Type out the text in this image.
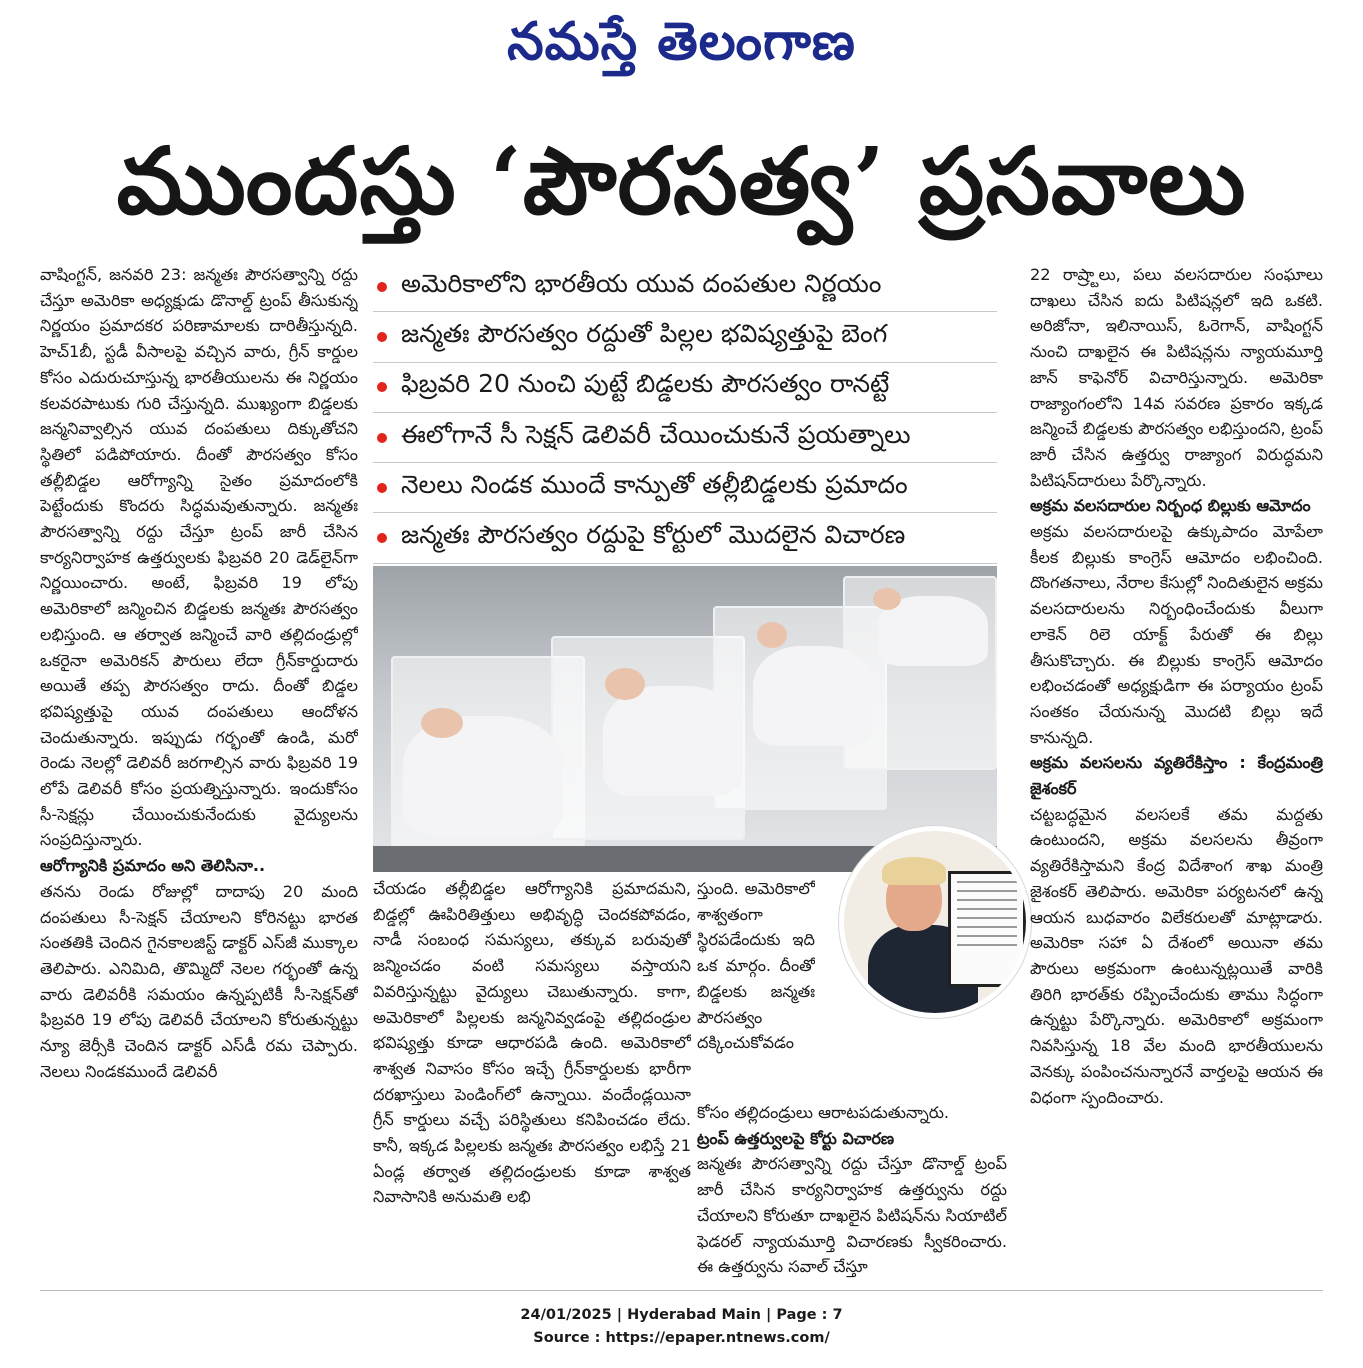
నమస్తే తెలంగాణ
ముందస్తు ‘పౌరసత్వ’ ప్రసవాలు

వాషింగ్టన్, జనవరి 23: జన్మతః పౌరసత్వాన్ని రద్దు చేస్తూ అమెరికా అధ్యక్షుడు డొనాల్డ్ ట్రంప్ తీసుకున్న నిర్ణయం ప్రమాదకర పరిణామాలకు దారితీస్తున్నది. హెచ్1బీ, స్టడీ వీసాలపై వచ్చిన వారు, గ్రీన్ కార్డుల కోసం ఎదురుచూస్తున్న భారతీయులను ఈ నిర్ణయం కలవరపాటుకు గురి చేస్తున్నది. ముఖ్యంగా బిడ్డలకు జన్మనివ్వాల్సిన యువ దంపతులు దిక్కుతోచని స్థితిలో పడిపోయారు. దీంతో పౌరసత్వం కోసం తల్లీబిడ్డల ఆరోగ్యాన్ని సైతం ప్రమాదంలోకి పెట్టేందుకు కొందరు సిద్ధమవుతున్నారు. జన్మతః పౌరసత్వాన్ని రద్దు చేస్తూ ట్రంప్ జారీ చేసిన కార్యనిర్వాహక ఉత్తర్వులకు ఫిబ్రవరి 20 డెడ్‌లైన్‌గా నిర్ణయించారు. అంటే, ఫిబ్రవరి 19 లోపు అమెరికాలో జన్మించిన బిడ్డలకు జన్మతః పౌరసత్వం లభిస్తుంది. ఆ తర్వాత జన్మించే వారి తల్లిదండ్రుల్లో ఒకరైనా అమెరికన్ పౌరులు లేదా గ్రీన్‌కార్డుదారు అయితే తప్ప పౌరసత్వం రాదు. దీంతో బిడ్డల భవిష్యత్తుపై యువ దంపతులు ఆందోళన చెందుతున్నారు. ఇప్పుడు గర్భంతో ఉండి, మరో రెండు నెలల్లో డెలివరీ జరగాల్సిన వారు ఫిబ్రవరి 19 లోపే డెలివరీ కోసం ప్రయత్నిస్తున్నారు. ఇందుకోసం సీ-సెక్షన్లు చేయించుకునేందుకు వైద్యులను సంప్రదిస్తున్నారు.

ఆరోగ్యానికి ప్రమాదం అని తెలిసినా..

తనను రెండు రోజుల్లో దాదాపు 20 మంది దంపతులు సీ-సెక్షన్ చేయాలని కోరినట్టు భారత సంతతికి చెందిన గైనకాలజిస్ట్ డాక్టర్ ఎస్‌జీ ముక్కాల తెలిపారు. ఎనిమిది, తొమ్మిదో నెలల గర్భంతో ఉన్న వారు డెలివరీకి సమయం ఉన్నప్పటికీ సీ-సెక్షన్‌తో ఫిబ్రవరి 19 లోపు డెలివరీ చేయాలని కోరుతున్నట్టు న్యూ జెర్సీకి చెందిన డాక్టర్ ఎస్‌డీ రమ చెప్పారు. నెలలు నిండకముందే డెలివరీ

అమెరికాలోని భారతీయ యువ దంపతుల నిర్ణయం
జన్మతః పౌరసత్వం రద్దుతో పిల్లల భవిష్యత్తుపై బెంగ
ఫిబ్రవరి 20 నుంచి పుట్టే బిడ్డలకు పౌరసత్వం రానట్టే
ఈలోగానే సీ సెక్షన్ డెలివరీ చేయించుకునే ప్రయత్నాలు
నెలలు నిండక ముందే కాన్పుతో తల్లీబిడ్డలకు ప్రమాదం
జన్మతః పౌరసత్వం రద్దుపై కోర్టులో మొదలైన విచారణ

చేయడం తల్లీబిడ్డల ఆరోగ్యానికి ప్రమాదమని, బిడ్డల్లో ఊపిరితిత్తులు అభివృద్ధి చెందకపోవడం, నాడీ సంబంధ సమస్యలు, తక్కువ బరువుతో జన్మించడం వంటి సమస్యలు వస్తాయని వివరిస్తున్నట్టు వైద్యులు చెబుతున్నారు. కాగా, అమెరికాలో పిల్లలకు జన్మనివ్వడంపై తల్లిదండ్రుల భవిష్యత్తు కూడా ఆధారపడి ఉంది. అమెరికాలో శాశ్వత నివాసం కోసం ఇచ్చే గ్రీన్‌కార్డులకు భారీగా దరఖాస్తులు పెండింగ్‌లో ఉన్నాయి. వందేండ్లయినా గ్రీన్ కార్డులు వచ్చే పరిస్థితులు కనిపించడం లేదు. కానీ, ఇక్కడ పిల్లలకు జన్మతః పౌరసత్వం లభిస్తే 21 ఏండ్ల తర్వాత తల్లిదండ్రులకు కూడా శాశ్వత నివాసానికి అనుమతి లభి

స్తుంది. అమెరికాలో శాశ్వతంగా స్థిరపడేందుకు ఇది ఒక మార్గం. దీంతో బిడ్డలకు జన్మతః పౌరసత్వం దక్కించుకోవడం

కోసం తల్లిదండ్రులు ఆరాటపడుతున్నారు.

ట్రంప్ ఉత్తర్వులపై కోర్టు విచారణ

జన్మతః పౌరసత్వాన్ని రద్దు చేస్తూ డొనాల్డ్ ట్రంప్ జారీ చేసిన కార్యనిర్వాహక ఉత్తర్వును రద్దు చేయాలని కోరుతూ దాఖలైన పిటిషన్‌ను సియాటిల్ ఫెడరల్ న్యాయమూర్తి విచారణకు స్వీకరించారు. ఈ ఉత్తర్వును సవాల్ చేస్తూ

22 రాష్ర్టాలు, పలు వలసదారుల సంఘాలు దాఖలు చేసిన ఐదు పిటిషన్లలో ఇది ఒకటి. అరిజోనా, ఇలినాయిస్, ఓరెగాన్, వాషింగ్టన్ నుంచి దాఖలైన ఈ పిటిషన్లను న్యాయమూర్తి జాన్ కాఫెనోర్ విచారిస్తున్నారు. అమెరికా రాజ్యాంగంలోని 14వ సవరణ ప్రకారం ఇక్కడ జన్మించే బిడ్డలకు పౌరసత్వం లభిస్తుందని, ట్రంప్ జారీ చేసిన ఉత్తర్వు రాజ్యాంగ విరుద్ధమని పిటిషన్‌దారులు పేర్కొన్నారు.

అక్రమ వలసదారుల నిర్బంధ బిల్లుకు ఆమోదం

అక్రమ వలసదారులపై ఉక్కుపాదం మోపేలా కీలక బిల్లుకు కాంగ్రెస్ ఆమోదం లభించింది. దొంగతనాలు, నేరాల కేసుల్లో నిందితులైన అక్రమ వలసదారులను నిర్బంధించేందుకు వీలుగా లాకెన్ రిలె యాక్ట్ పేరుతో ఈ బిల్లు తీసుకొచ్చారు. ఈ బిల్లుకు కాంగ్రెస్ ఆమోదం లభించడంతో అధ్యక్షుడిగా ఈ పర్యాయం ట్రంప్ సంతకం చేయనున్న మొదటి బిల్లు ఇదే కానున్నది.

అక్రమ వలసలను వ్యతిరేకిస్తాం : కేంద్రమంత్రి జైశంకర్

చట్టబద్ధమైన వలసలకే తమ మద్దతు ఉంటుందని, అక్రమ వలసలను తీవ్రంగా వ్యతిరేకిస్తామని కేంద్ర విదేశాంగ శాఖ మంత్రి జైశంకర్ తెలిపారు. అమెరికా పర్యటనలో ఉన్న ఆయన బుధవారం విలేకరులతో మాట్లాడారు. అమెరికా సహా ఏ దేశంలో అయినా తమ పౌరులు అక్రమంగా ఉంటున్నట్లయితే వారికి తిరిగి భారత్‌కు రప్పించేందుకు తాము సిద్ధంగా ఉన్నట్టు పేర్కొన్నారు. అమెరికాలో అక్రమంగా నివసిస్తున్న 18 వేల మంది భారతీయులను వెనక్కు పంపించనున్నారనే వార్తలపై ఆయన ఈ విధంగా స్పందించారు.

24/01/2025 | Hyderabad Main | Page : 7
Source : https://epaper.ntnews.com/
